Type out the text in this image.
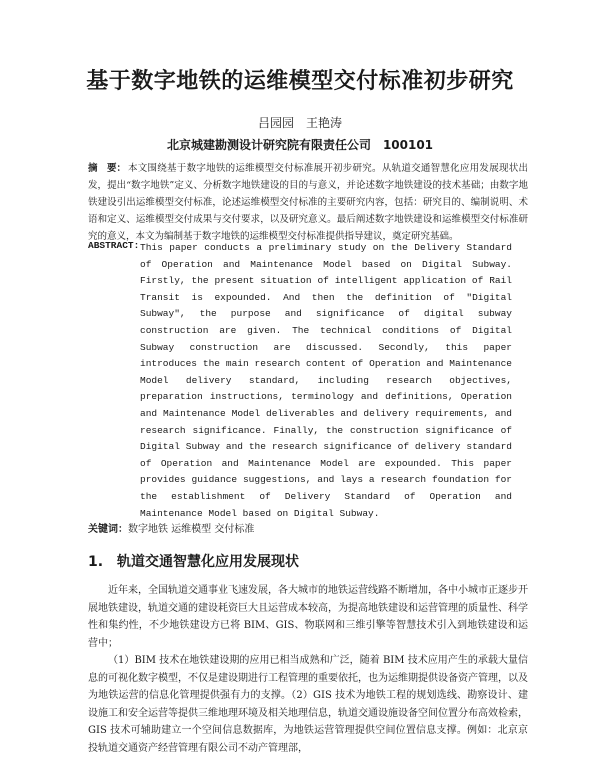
基于数字地铁的运维模型交付标准初步研究
吕园园　王艳涛
北京城建勘测设计研究院有限责任公司　100101
摘　要： 本文围绕基于数字地铁的运维模型交付标准展开初步研究。从轨道交通智慧化应用发展现状出发，提出“数字地铁”定义、分析数字地铁建设的目的与意义，并论述数字地铁建设的技术基础；由数字地铁建设引出运维模型交付标准，论述运维模型交付标准的主要研究内容，包括：研究目的、编制说明、术语和定义、运维模型交付成果与交付要求，以及研究意义。最后阐述数字地铁建设和运维模型交付标准研究的意义，本文为编制基于数字地铁的运维模型交付标准提供指导建议，奠定研究基础。

ABSTRACT: This paper conducts a preliminary study on the Delivery Standard of Operation and Maintenance Model based on Digital Subway. Firstly, the present situation of intelligent application of Rail Transit is expounded. And then the definition of "Digital Subway", the purpose and significance of digital subway construction are given. The technical conditions of Digital Subway construction are discussed. Secondly, this paper introduces the main research content of Operation and Maintenance Model delivery standard, including research objectives, preparation instructions, terminology and definitions, Operation and Maintenance Model deliverables and delivery requirements, and research significance. Finally, the construction significance of Digital Subway and the research significance of delivery standard of Operation and Maintenance Model are expounded. This paper provides guidance suggestions, and lays a research foundation for the establishment of Delivery Standard of Operation and Maintenance Model based on Digital Subway.

关键词：数字地铁 运维模型 交付标准
1.　轨道交通智慧化应用发展现状

近年来，全国轨道交通事业飞速发展，各大城市的地铁运营线路不断增加，各中小城市正逐步开展地铁建设，轨道交通的建设耗资巨大且运营成本较高，为提高地铁建设和运营管理的质量性、科学性和集约性，不少地铁建设方已将 BIM、GIS、物联网和三维引擎等智慧技术引入到地铁建设和运营中；

（1）BIM 技术在地铁建设期的应用已相当成熟和广泛，随着 BIM 技术应用产生的承载大量信息的可视化数字模型，不仅是建设期进行工程管理的重要依托，也为运维期提供设备资产管理，以及为地铁运营的信息化管理提供强有力的支撑。（2）GIS 技术为地铁工程的规划选线、勘察设计、建设施工和安全运营等提供三维地理环境及相关地理信息，轨道交通设施设备空间位置分布高效检索，GIS 技术可辅助建立一个空间信息数据库，为地铁运营管理提供空间位置信息支撑。例如：北京京投轨道交通资产经营管理有限公司不动产管理部，
